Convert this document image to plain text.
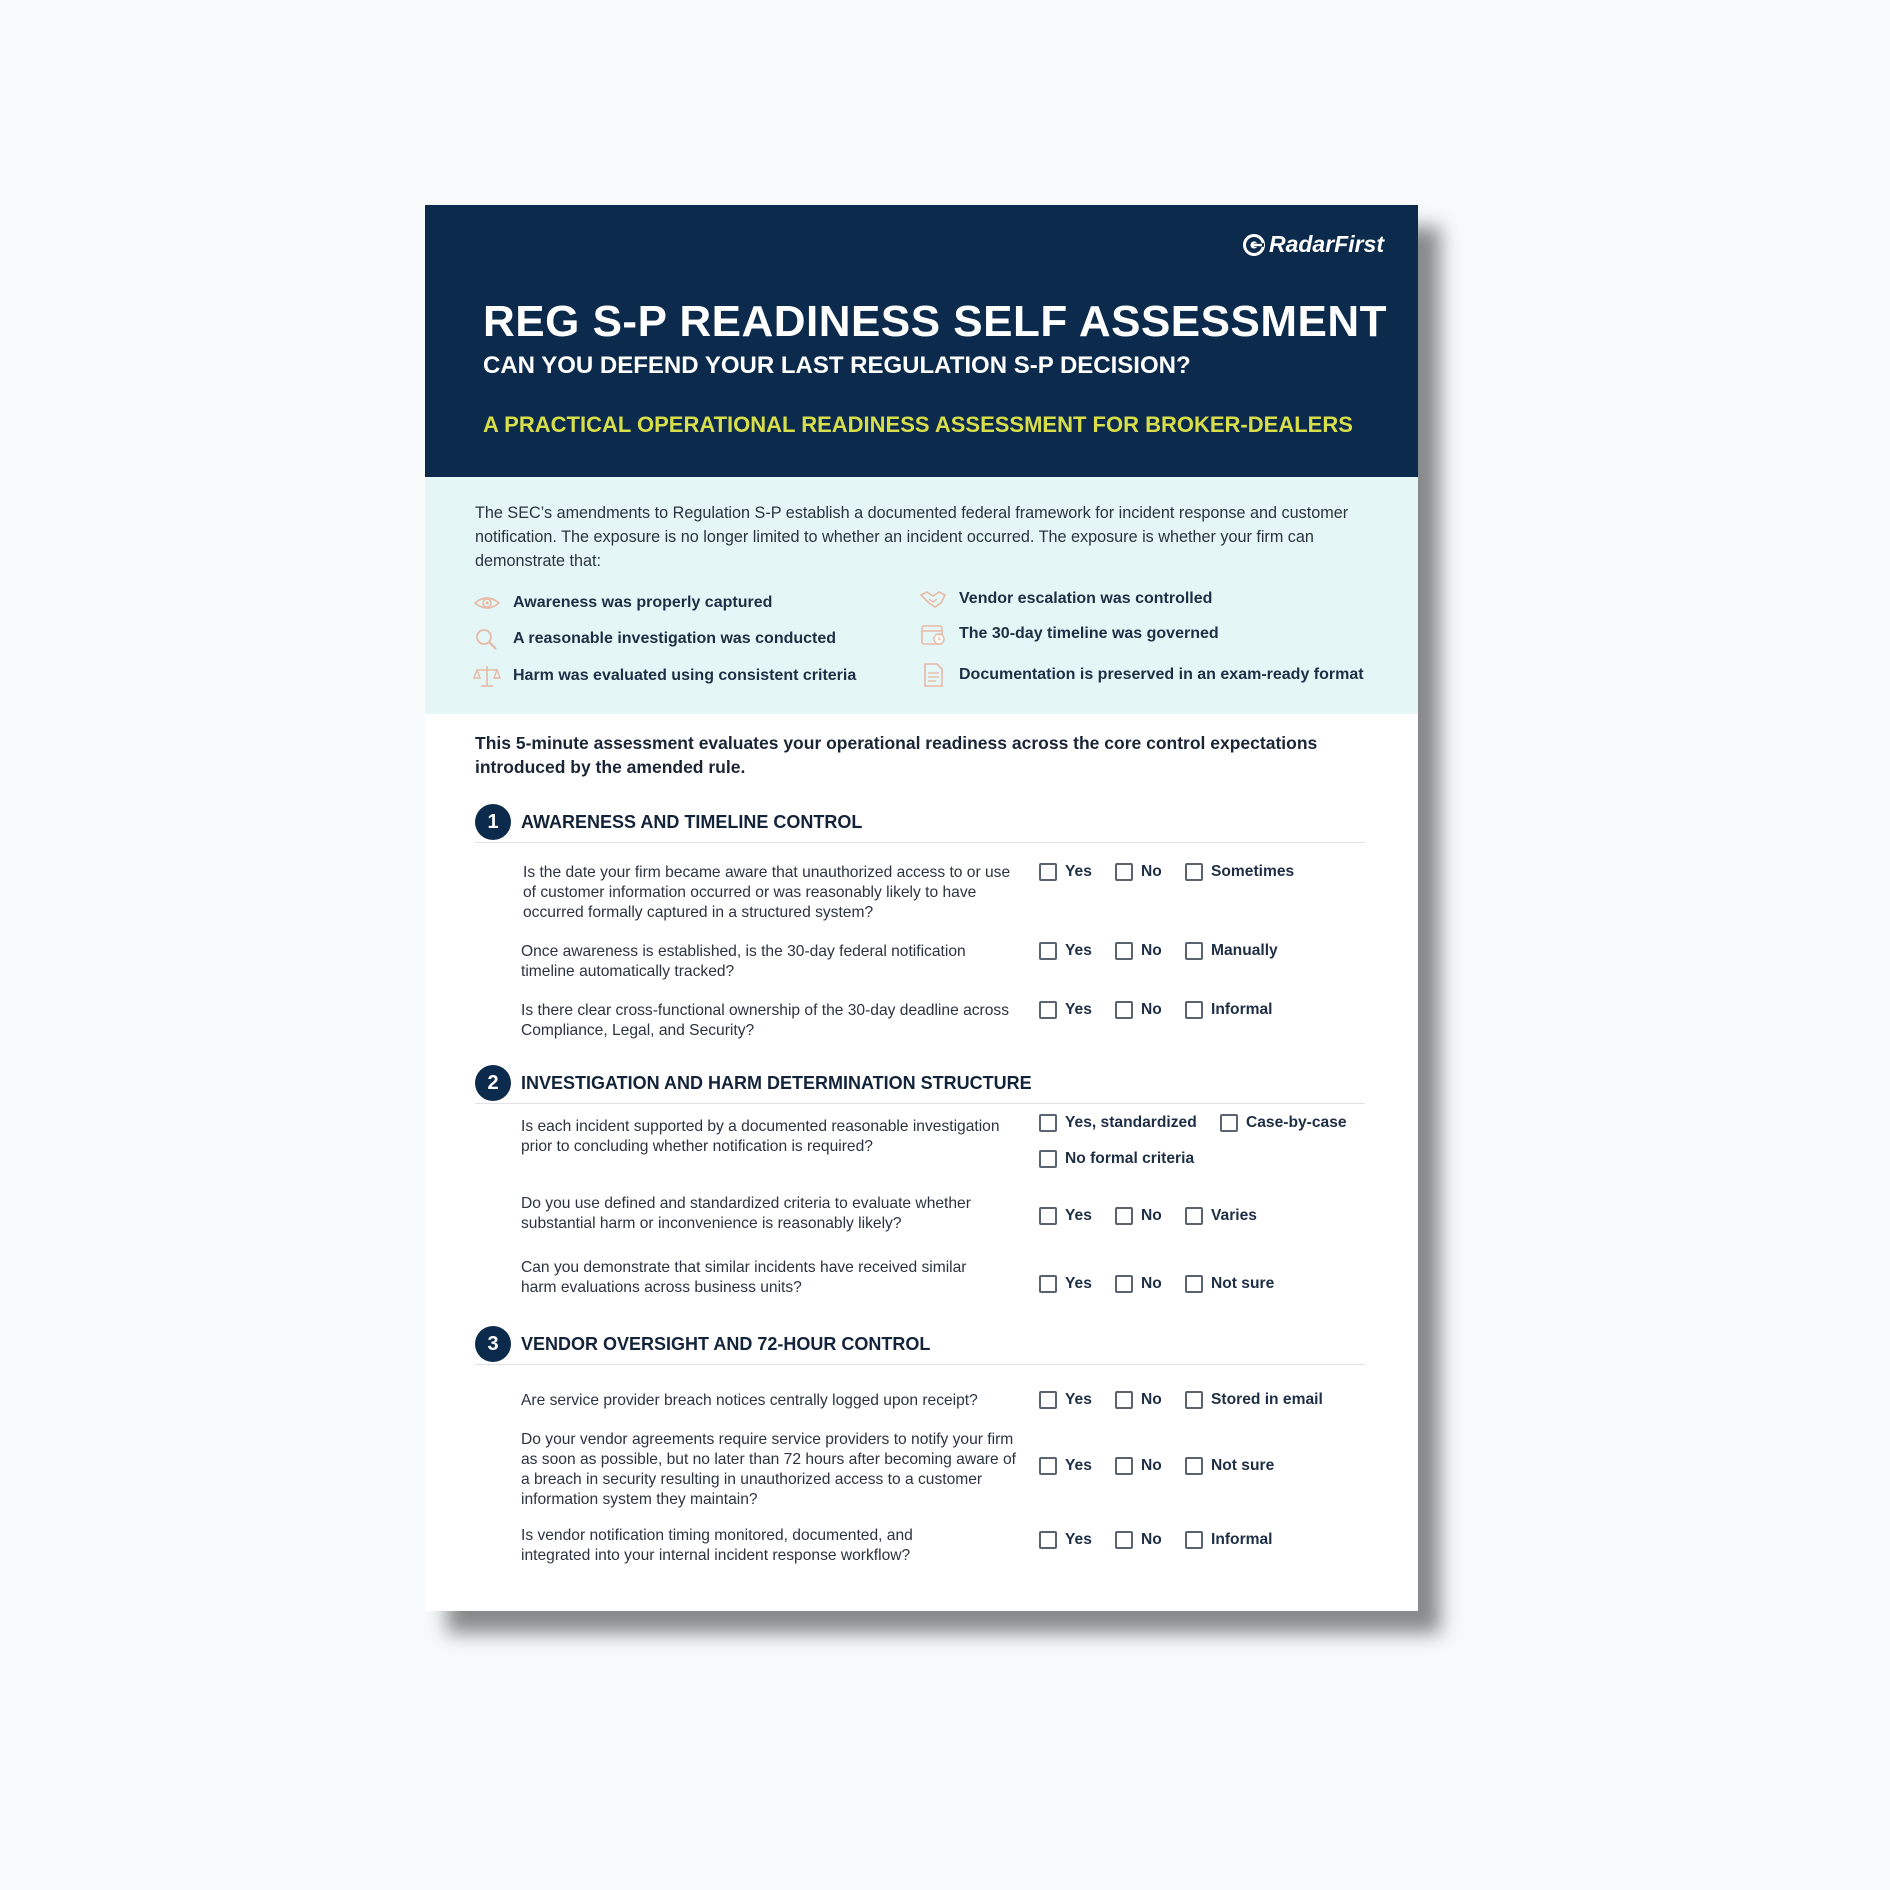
RadarFirst
REG S-P READINESS SELF ASSESSMENT
CAN YOU DEFEND YOUR LAST REGULATION S-P DECISION?

A PRACTICAL OPERATIONAL READINESS ASSESSMENT FOR BROKER-DEALERS

The SEC’s amendments to Regulation S-P establish a documented federal framework for incident response and customer notification. The exposure is no longer limited to whether an incident occurred. The exposure is whether your firm can demonstrate that:

Awareness was properly captured
A reasonable investigation was conducted
Harm was evaluated using consistent criteria
Vendor escalation was controlled
The 30-day timeline was governed
Documentation is preserved in an exam-ready format

This 5-minute assessment evaluates your operational readiness across the core control expectations introduced by the amended rule.

1	AWARENESS AND TIMELINE CONTROL

Is the date your firm became aware that unauthorized access to or use of customer information occurred or was reasonably likely to have occurred formally captured in a structured system?

Yes	No	Sometimes

Once awareness is established, is the 30-day federal notification timeline automatically tracked?

Yes	No	Manually

Is there clear cross-functional ownership of the 30-day deadline across Compliance, Legal, and Security?

Yes	No	Informal
2	INVESTIGATION AND HARM DETERMINATION STRUCTURE

Is each incident supported by a documented reasonable investigation prior to concluding whether notification is required?

Yes, standardized	Case-by-case
No formal criteria

Do you use defined and standardized criteria to evaluate whether substantial harm or inconvenience is reasonably likely?	Yes	No	Varies

Can you demonstrate that similar incidents have received similar harm evaluations across business units?	Yes	No	Not sure
3	VENDOR OVERSIGHT AND 72-HOUR CONTROL

Are service provider breach notices centrally logged upon receipt?	Yes	No	Stored in email

Do your vendor agreements require service providers to notify your firm as soon as possible, but no later than 72 hours after becoming aware of a breach in security resulting in unauthorized access to a customer information system they maintain?

Yes	No	Not sure

Is vendor notification timing monitored, documented, and integrated into your internal incident response workflow?

Yes	No	Informal
